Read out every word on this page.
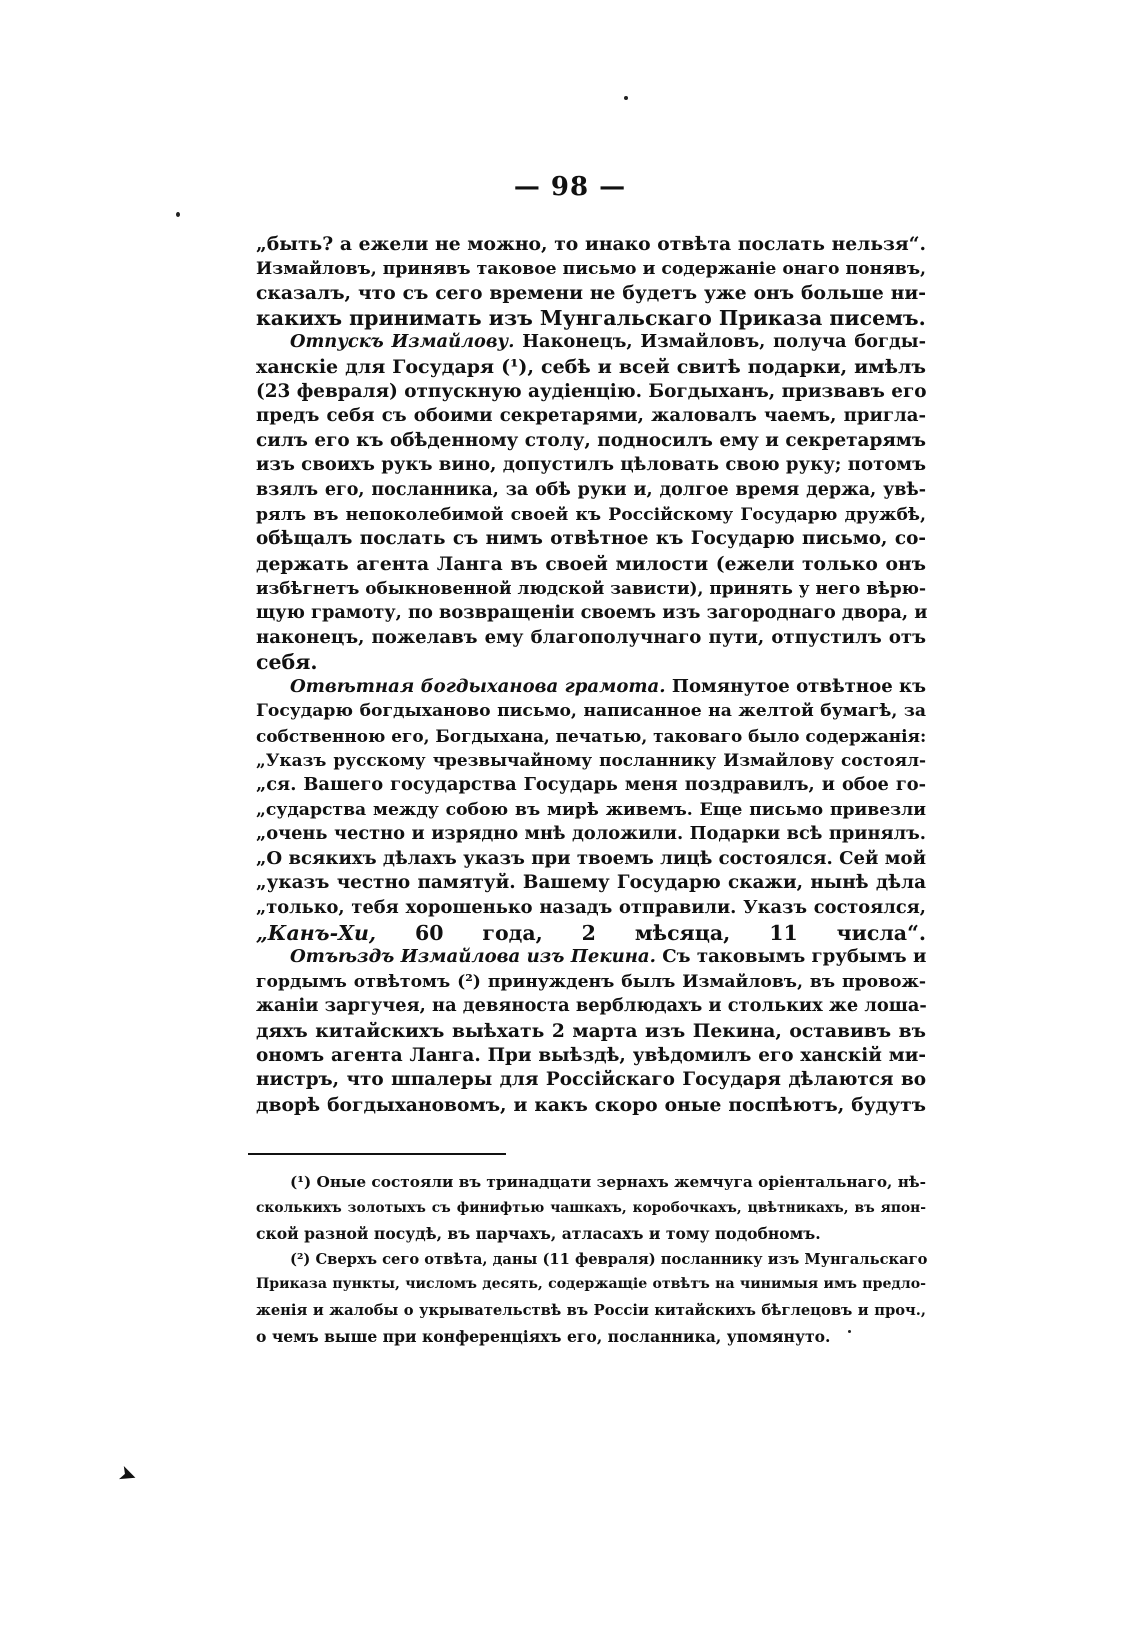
— 98 —
„быть? а ежели не можно, то инако отвѣта послать нельзя“.
Измайловъ, принявъ таковое письмо и содержаніе онаго понявъ,
сказалъ, что съ сего времени не будетъ уже онъ больше ни-
какихъ принимать изъ Мунгальскаго Приказа писемъ.
Отпускъ Измайлову. Наконецъ, Измайловъ, получа богды-
ханскіе для Государя (¹), себѣ и всей свитѣ подарки, имѣлъ
(23 февраля) отпускную аудіенцію. Богдыханъ, призвавъ его
предъ себя съ обоими секретарями, жаловалъ чаемъ, пригла-
силъ его къ обѣденному столу, подносилъ ему и секретарямъ
изъ своихъ рукъ вино, допустилъ цѣловать свою руку; потомъ
взялъ его, посланника, за обѣ руки и, долгое время держа, увѣ-
рялъ въ непоколебимой своей къ Россійскому Государю дружбѣ,
обѣщалъ послать съ нимъ отвѣтное къ Государю письмо, со-
держать агента Ланга въ своей милости (ежели только онъ
избѣгнетъ обыкновенной людской зависти), принять у него вѣрю-
щую грамоту, по возвращеніи своемъ изъ загороднаго двора, и
наконецъ, пожелавъ ему благополучнаго пути, отпустилъ отъ
себя.
Отвѣтная богдыханова грамота. Помянутое отвѣтное къ
Государю богдыханово письмо, написанное на желтой бумагѣ, за
собственною его, Богдыхана, печатью, таковаго было содержанія:
„Указъ русскому чрезвычайному посланнику Измайлову состоял-
„ся. Вашего государства Государь меня поздравилъ, и обое го-
„сударства между собою въ мирѣ живемъ. Еще письмо привезли
„очень честно и изрядно мнѣ доложили. Подарки всѣ принялъ.
„О всякихъ дѣлахъ указъ при твоемъ лицѣ состоялся. Сей мой
„указъ честно памятуй. Вашему Государю скажи, нынѣ дѣла
„только, тебя хорошенько назадъ отправили. Указъ состоялся,
„Канъ-Хи, 60 года, 2 мѣсяца, 11 числа“.
Отъѣздъ Измайлова изъ Пекина. Съ таковымъ грубымъ и
гордымъ отвѣтомъ (²) принужденъ былъ Измайловъ, въ провож-
жаніи заргучея, на девяноста верблюдахъ и стольких же лоша-
дяхъ китайскихъ выѣхать 2 марта изъ Пекина, оставивъ въ
ономъ агента Ланга. При выѣздѣ, увѣдомилъ его ханскій ми-
нистръ, что шпалеры для Россійскаго Государя дѣлаются во
дворѣ богдыхановомъ, и какъ скоро оные поспѣютъ, будутъ
(¹) Оные состояли въ тринадцати зернахъ жемчуга оріентальнаго, нѣ-
сколькихъ золотыхъ съ финифтью чашкахъ, коробочкахъ, цвѣтникахъ, въ япон-
ской разной посудѣ, въ парчахъ, атласахъ и тому подобномъ.
(²) Сверхъ сего отвѣта, даны (11 февраля) посланнику изъ Мунгальскаго
Приказа пункты, числомъ десять, содержащіе отвѣтъ на чинимыя имъ предло-
женія и жалобы о укрывательствѣ въ Россіи китайскихъ бѣглецовъ и проч.,
о чемъ выше при конференціяхъ его, посланника, упомянуто.
➤
